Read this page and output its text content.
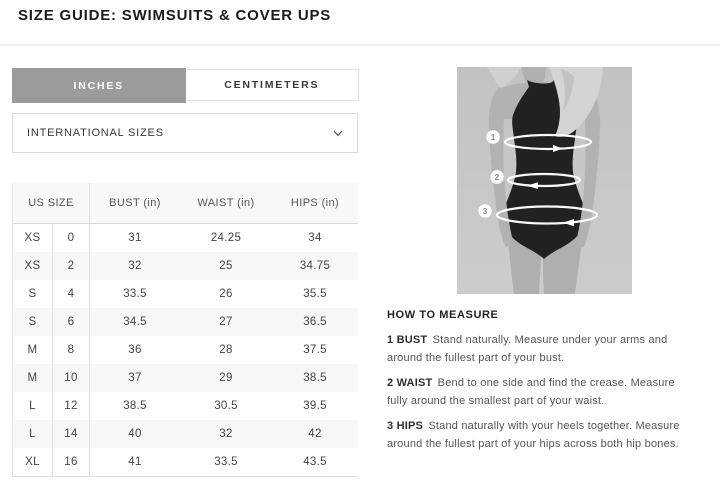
SIZE GUIDE: SWIMSUITS & COVER UPS
INCHES	CENTIMETERS
INTERNATIONAL SIZES
US SIZE	BUST (in)	WAIST (in)	HIPS (in)
XS	0	31	24.25	34
XS	2	32	25	34.75
S	4	33.5	26	35.5
S	6	34.5	27	36.5
M	8	36	28	37.5
M	10	37	29	38.5
L	12	38.5	30.5	39.5
L	14	40	32	42
XL	16	41	33.5	43.5
1
2
3
HOW TO MEASURE

1 BUST Stand naturally. Measure under your arms and around the fullest part of your bust.

2 WAIST Bend to one side and find the crease. Measure fully around the smallest part of your waist.

3 HIPS Stand naturally with your heels together. Measure around the fullest part of your hips across both hip bones.
